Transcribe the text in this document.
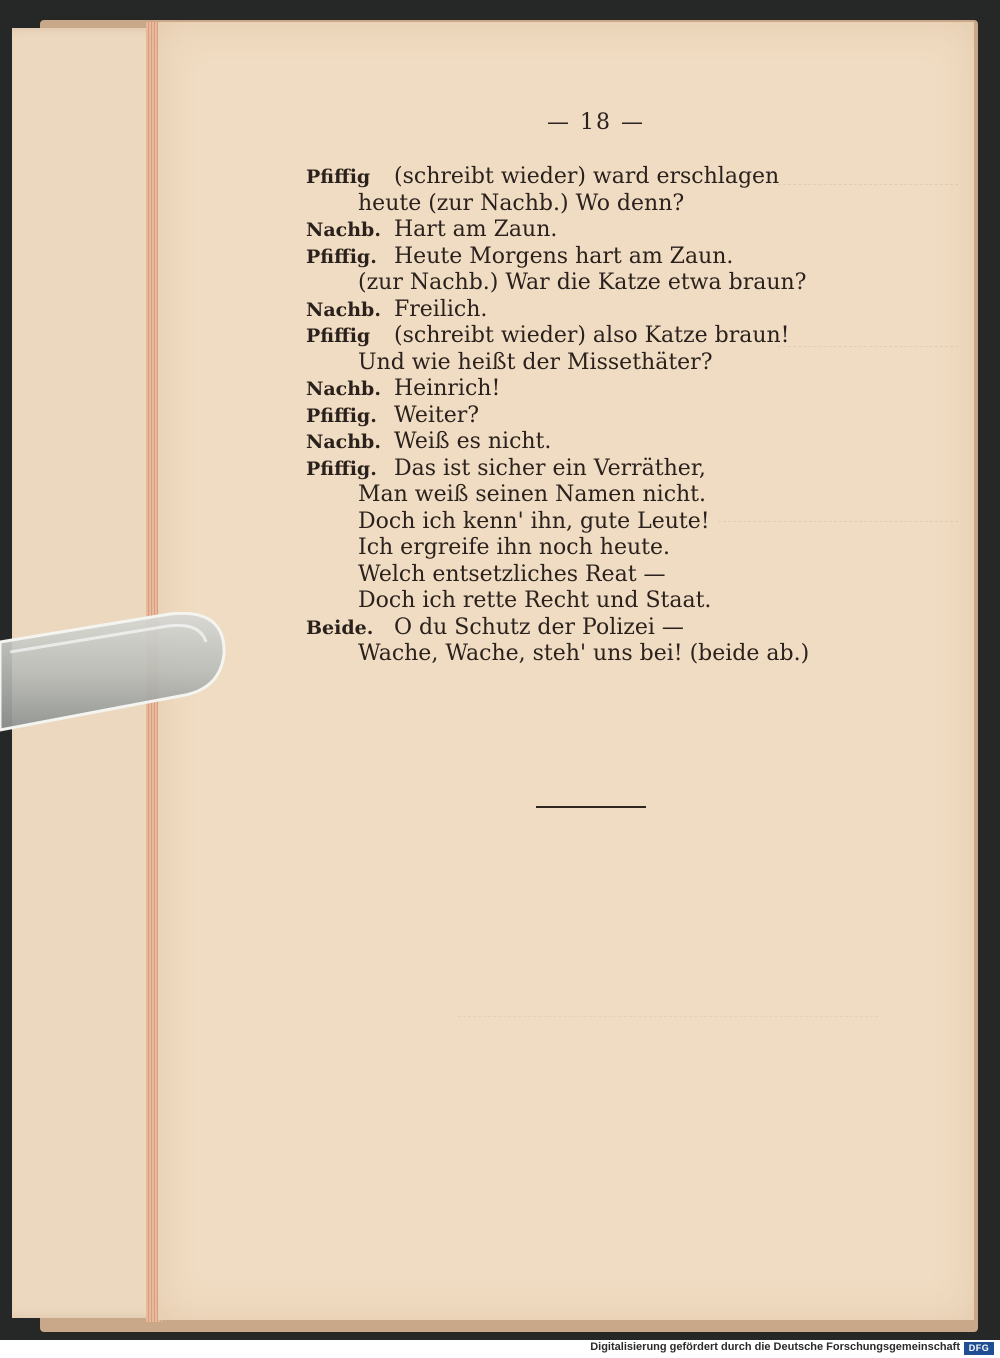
— 18 —
Pfiffig (schreibt wieder) ward erschlagen
heute (zur Nachb.) Wo denn?
Nachb. Hart am Zaun.
Pfiffig. Heute Morgens hart am Zaun.
(zur Nachb.) War die Katze etwa braun?
Nachb. Freilich.
Pfiffig (schreibt wieder) also Katze braun!
Und wie heißt der Missethäter?
Nachb. Heinrich!
Pfiffig. Weiter?
Nachb. Weiß es nicht.
Pfiffig. Das ist sicher ein Verräther,
Man weiß seinen Namen nicht.
Doch ich kenn' ihn, gute Leute!
Ich ergreife ihn noch heute.
Welch entsetzliches Reat —
Doch ich rette Recht und Staat.
Beide. O du Schutz der Polizei —
Wache, Wache, steh' uns bei! (beide ab.)
Digitalisierung gefördert durch die Deutsche Forschungsgemeinschaft DFG
